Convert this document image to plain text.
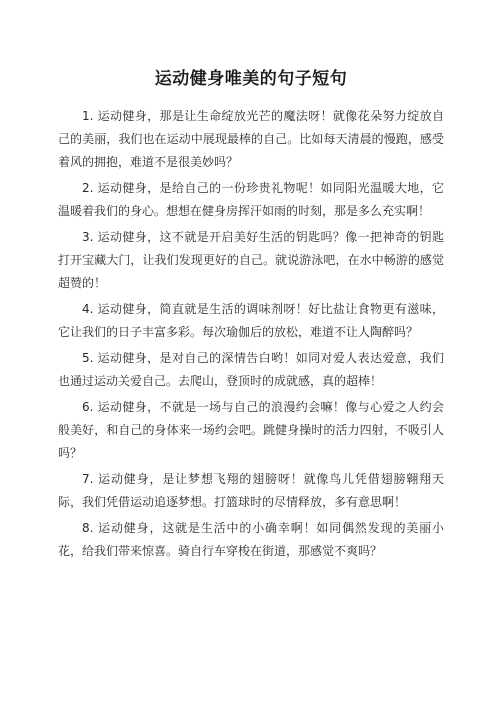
运动健身唯美的句子短句

1. 运动健身，那是让生命绽放光芒的魔法呀！就像花朵努力绽放自己的美丽，我们也在运动中展现最棒的自己。比如每天清晨的慢跑，感受着风的拥抱，难道不是很美妙吗？

2. 运动健身，是给自己的一份珍贵礼物呢！如同阳光温暖大地，它温暖着我们的身心。想想在健身房挥汗如雨的时刻，那是多么充实啊！

3. 运动健身，这不就是开启美好生活的钥匙吗？像一把神奇的钥匙打开宝藏大门，让我们发现更好的自己。就说游泳吧，在水中畅游的感觉超赞的！

4. 运动健身，简直就是生活的调味剂呀！好比盐让食物更有滋味，它让我们的日子丰富多彩。每次瑜伽后的放松，难道不让人陶醉吗？

5. 运动健身，是对自己的深情告白哟！如同对爱人表达爱意，我们也通过运动关爱自己。去爬山，登顶时的成就感，真的超棒！

6. 运动健身，不就是一场与自己的浪漫约会嘛！像与心爱之人约会般美好，和自己的身体来一场约会吧。跳健身操时的活力四射，不吸引人吗？

7. 运动健身，是让梦想飞翔的翅膀呀！就像鸟儿凭借翅膀翱翔天际，我们凭借运动追逐梦想。打篮球时的尽情释放，多有意思啊！

8. 运动健身，这就是生活中的小确幸啊！如同偶然发现的美丽小花，给我们带来惊喜。骑自行车穿梭在街道，那感觉不爽吗？
